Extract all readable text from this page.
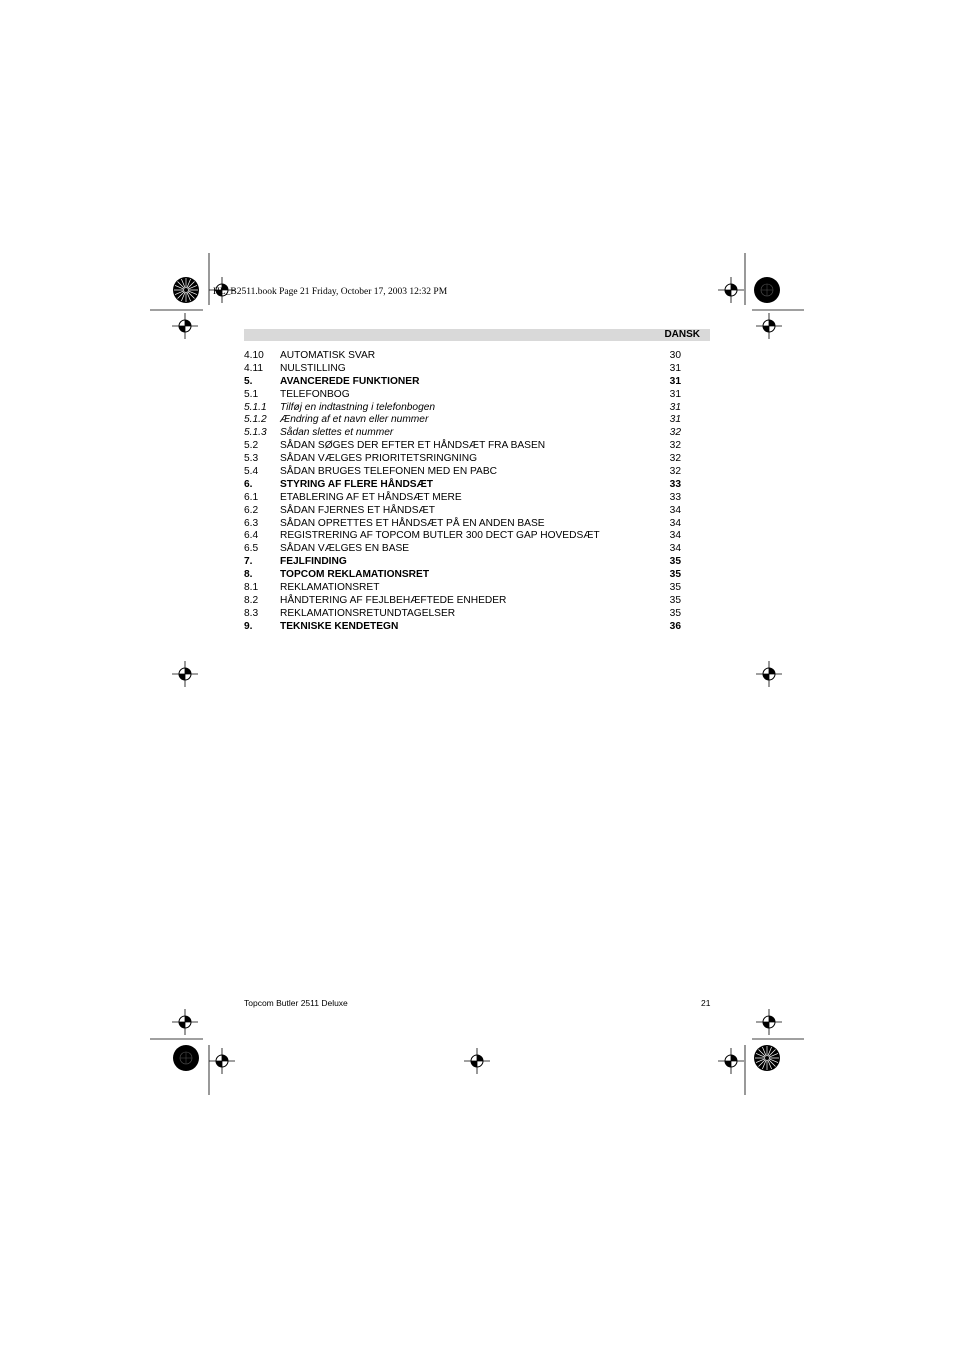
HL_B2511.book Page 21 Friday, October 17, 2003 12:32 PM
DANSK
4.10 AUTOMATISK SVAR	30
4.11 NULSTILLING	31
5.	AVANCEREDE FUNKTIONER	31
5.1 TELEFONBOG	31
5.1.1 Tilføj en indtastning i telefonbogen	31
5.1.2 Ændring af et navn eller nummer	31
5.1.3 Sådan slettes et nummer	32
5.2 SÅDAN SØGES DER EFTER ET HÅNDSÆT FRA BASEN	32
5.3 SÅDAN VÆLGES PRIORITETSRINGNING	32
5.4 SÅDAN BRUGES TELEFONEN MED EN PABC	32
6.	STYRING AF FLERE HÅNDSÆT	33
6.1 ETABLERING AF ET HÅNDSÆT MERE	33
6.2 SÅDAN FJERNES ET HÅNDSÆT	34
6.3 SÅDAN OPRETTES ET HÅNDSÆT PÅ EN ANDEN BASE	34
6.4 REGISTRERING AF TOPCOM BUTLER 300 DECT GAP HOVEDSÆT	34
6.5 SÅDAN VÆLGES EN BASE	34
7.	FEJLFINDING	35
8.	TOPCOM REKLAMATIONSRET	35
8.1 REKLAMATIONSRET	35
8.2 HÅNDTERING AF FEJLBEHÆFTEDE ENHEDER	35
8.3 REKLAMATIONSRETUNDTAGELSER	35
9.	TEKNISKE KENDETEGN	36
Topcom Butler 2511 Deluxe	21
